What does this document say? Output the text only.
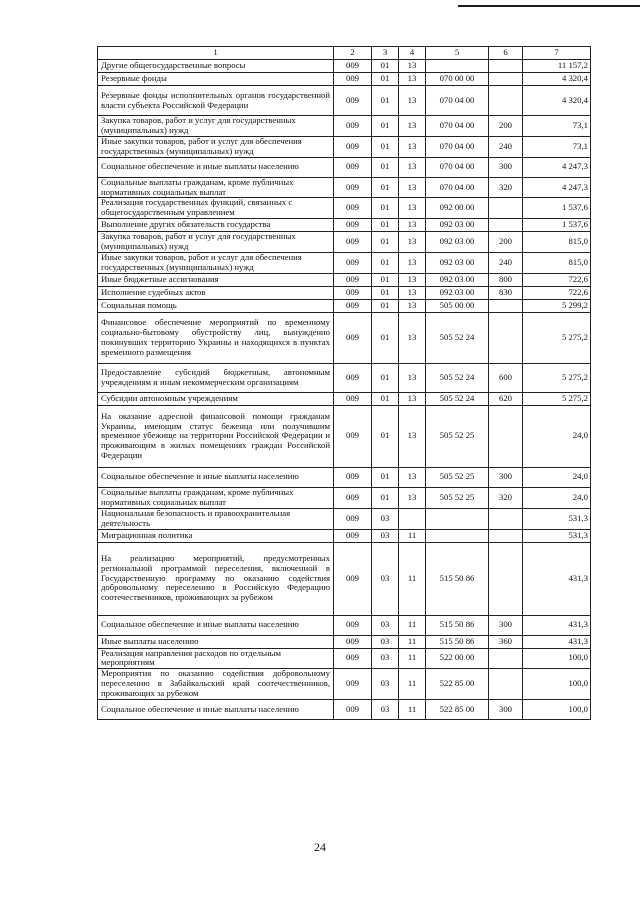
1	2	3	4	5	6	7
Другие общегосударственные вопросы	009	01	13			11 157,2
Резервные фонды	009	01	13	070 00 00		4 320,4
Резервные фонды исполнительных органов государственной власти субъекта Российской Федерации	009	01	13	070 04 00		4 320,4
Закупка товаров, работ и услуг для государственных (муниципальных) нужд	009	01	13	070 04 00	200	73,1
Иные закупки товаров, работ и услуг для обеспечения государственных (муниципальных) нужд	009	01	13	070 04 00	240	73,1
Социальное обеспечение и иные выплаты населению	009	01	13	070 04 00	300	4 247,3
Социальные выплаты гражданам, кроме публичных нормативных социальных выплат	009	01	13	070 04 00	320	4 247,3
Реализация государственных функций, связанных с общегосударственным управлением	009	01	13	092 00 00		1 537,6
Выполнение других обязательств государства	009	01	13	092 03 00		1 537,6
Закупка товаров, работ и услуг для государственных (муниципальных) нужд	009	01	13	092 03 00	200	815,0
Иные закупки товаров, работ и услуг для обеспечения государственных (муниципальных) нужд	009	01	13	092 03 00	240	815,0
Иные бюджетные ассигнования	009	01	13	092 03 00	800	722,6
Исполнение судебных актов	009	01	13	092 03 00	830	722,6
Социальная помощь	009	01	13	505 00 00		5 299,2
Финансовое обеспечение мероприятий по временному социально-бытовому обустройству лиц, вынужденно покинувших территорию Украины и находящихся в пунктах временного размещения	009	01	13	505 52 24		5 275,2
Предоставление субсидий бюджетным, автономным учреждениям и иным некоммерческим организациям	009	01	13	505 52 24	600	5 275,2
Субсидии автономным учреждениям	009	01	13	505 52 24	620	5 275,2
На оказание адресной финансовой помощи гражданам Украины, имеющим статус беженца или получившим временное убежище на территории Российской Федерации и проживающим в жилых помещениях граждан Российской Федерации	009	01	13	505 52 25		24,0
Социальное обеспечение и иные выплаты населению	009	01	13	505 52 25	300	24,0
Социальные выплаты гражданам, кроме публичных нормативных социальных выплат	009	01	13	505 52 25	320	24,0
Национальная безопасность и правоохранительная деятельность	009	03				531,3
Миграционная политика	009	03	11			531,3
На реализацию мероприятий, предусмотренных региональной программой переселения, включенной в Государственную программу по оказанию содействия добровольному переселению в Российскую Федерацию соотечественников, проживающих за рубежом	009	03	11	515 50 86		431,3
Социальное обеспечение и иные выплаты населению	009	03	11	515 50 86	300	431,3
Иные выплаты населению	009	03	11	515 50 86	360	431,3
Реализация направления расходов по отдельным мероприятиям	009	03	11	522 00 00		100,0
Мероприятия по оказанию содействия добровольному переселению в Забайкальский край соотечественников, проживающих за рубежом	009	03	11	522 85 00		100,0
Социальное обеспечение и иные выплаты населению	009	03	11	522 85 00	300	100,0
24
